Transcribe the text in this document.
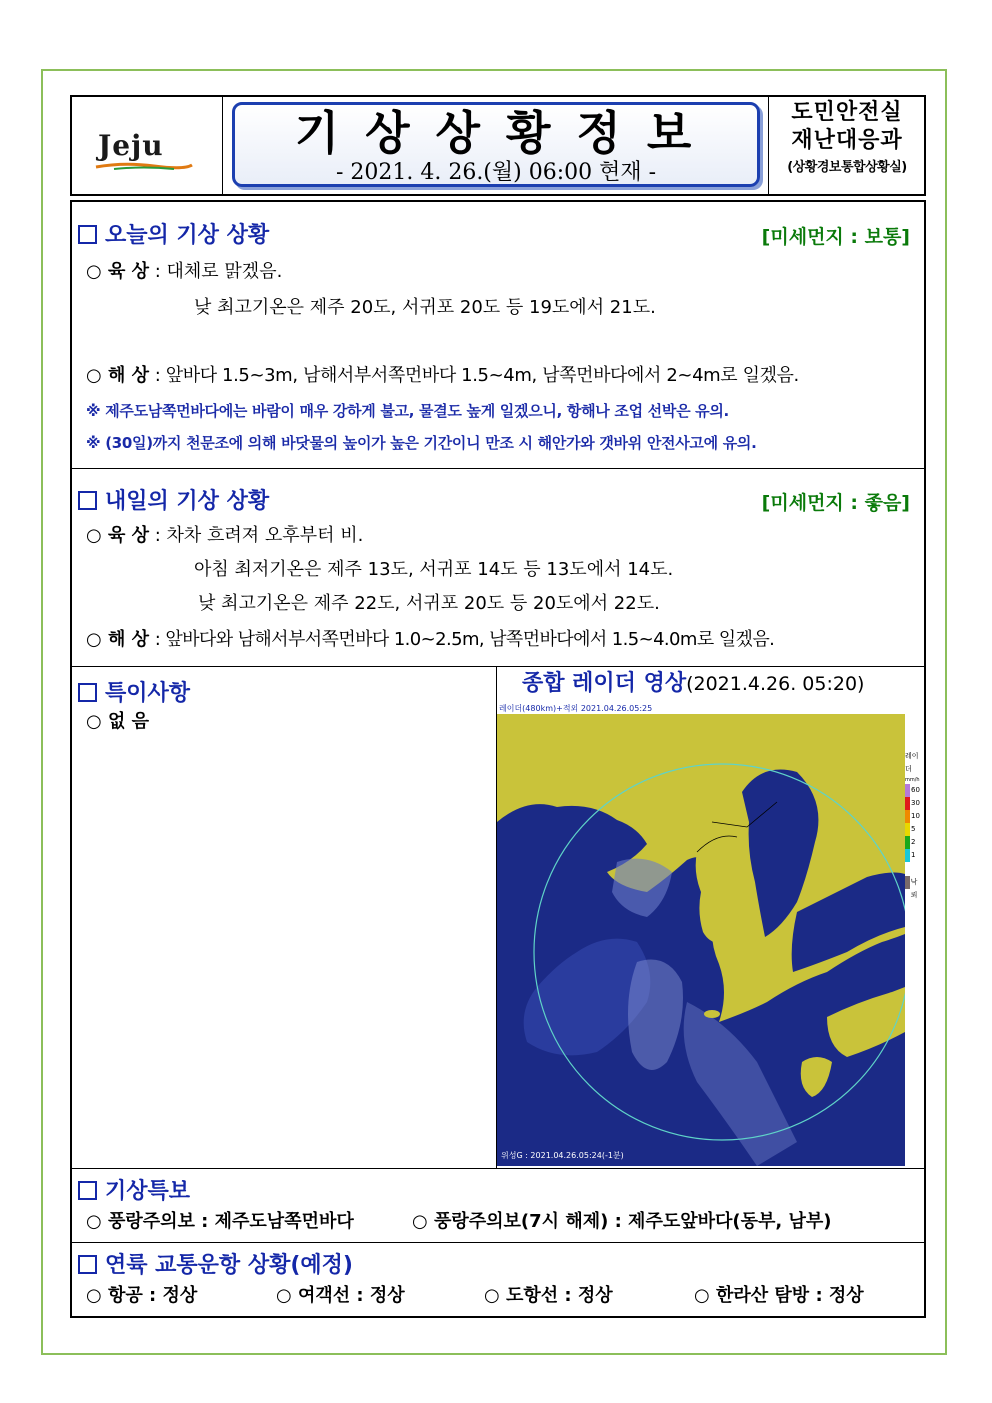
Jeju	기상상황정보
- 2021. 4. 26.(월) 06:00 현재 -
도민안전실
재난대응과
(상황경보통합상황실)
오늘의 기상 상황	[미세먼지 : 보통]
○ 육 상 : 대체로 맑겠음.
낮 최고기온은 제주 20도, 서귀포 20도 등 19도에서 21도.
○ 해 상 : 앞바다 1.5~3m, 남해서부서쪽먼바다 1.5~4m, 남쪽먼바다에서 2~4m로 일겠음.
※ 제주도남쪽먼바다에는 바람이 매우 강하게 불고, 물결도 높게 일겠으니, 항해나 조업 선박은 유의.
※ (30일)까지 천문조에 의해 바닷물의 높이가 높은 기간이니 만조 시 해안가와 갯바위 안전사고에 유의.
내일의 기상 상황	[미세먼지 : 좋음]
○ 육 상 : 차차 흐려져 오후부터 비.
아침 최저기온은 제주 13도, 서귀포 14도 등 13도에서 14도.
낮 최고기온은 제주 22도, 서귀포 20도 등 20도에서 22도.
○ 해 상 : 앞바다와 남해서부서쪽먼바다 1.0~2.5m, 남쪽먼바다에서 1.5~4.0m로 일겠음.
특이사항
○ 없 음
종합 레이더 영상(2021.4.26. 05:20)
레이더(480km)+적외 2021.04.26.05:25
위성G : 2021.04.26.05:24(-1분)
레이더
mm/h
60
30
10
5
2
1
낙뢰
기상특보
○ 풍랑주의보 : 제주도남쪽먼바다	○ 풍랑주의보(7시 해제) : 제주도앞바다(동부, 남부)
연륙 교통운항 상황(예정)
○ 항공 : 정상	○ 여객선 : 정상	○ 도항선 : 정상	○ 한라산 탐방 : 정상
